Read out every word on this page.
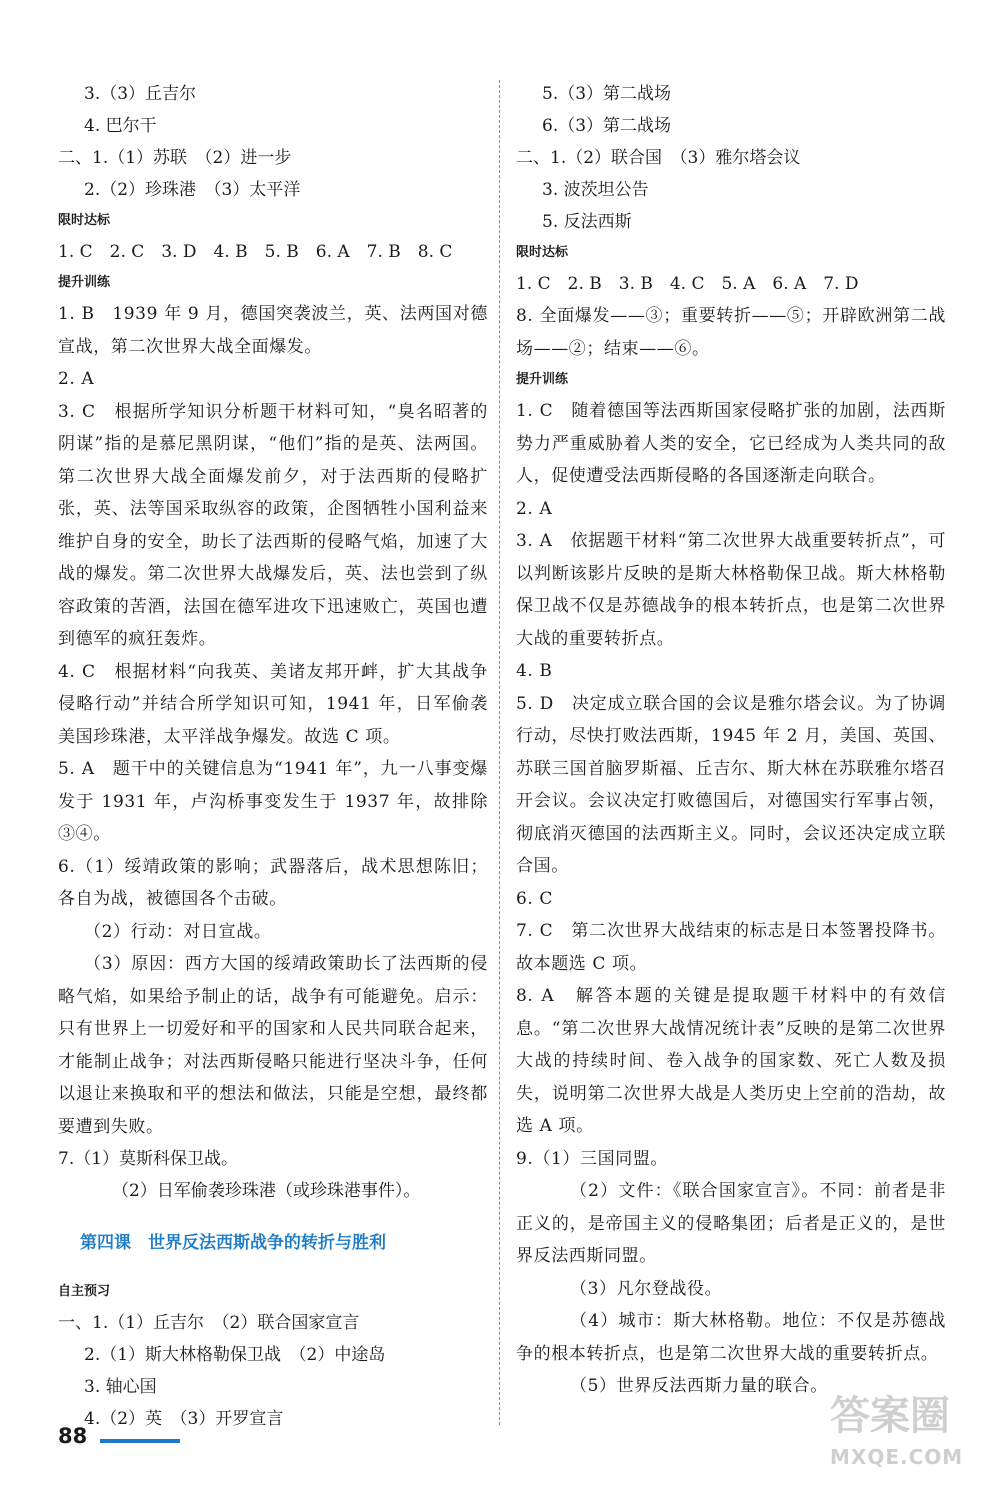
3.（3）丘吉尔
4. 巴尔干
二、1.（1）苏联　（2）进一步
2.（2）珍珠港　（3）太平洋
限时达标
1. C　2. C　3. D　4. B　5. B　6. A　7. B　8. C
提升训练
1. B　1939 年 9 月，德国突袭波兰，英、法两国对德宣战，第二次世界大战全面爆发。
2. A
3. C　根据所学知识分析题干材料可知，“臭名昭著的阴谋”指的是慕尼黑阴谋，“他们”指的是英、法两国。第二次世界大战全面爆发前夕，对于法西斯的侵略扩张，英、法等国采取纵容的政策，企图牺牲小国利益来维护自身的安全，助长了法西斯的侵略气焰，加速了大战的爆发。第二次世界大战爆发后，英、法也尝到了纵容政策的苦酒，法国在德军进攻下迅速败亡，英国也遭到德军的疯狂轰炸。
4. C　根据材料“向我英、美诸友邦开衅，扩大其战争侵略行动”并结合所学知识可知，1941 年，日军偷袭美国珍珠港，太平洋战争爆发。故选 C 项。
5. A　题干中的关键信息为“1941 年”，九一八事变爆发于 1931 年，卢沟桥事变发生于 1937 年，故排除③④。
6.（1）绥靖政策的影响；武器落后，战术思想陈旧；各自为战，被德国各个击破。
（2）行动：对日宣战。
（3）原因：西方大国的绥靖政策助长了法西斯的侵略气焰，如果给予制止的话，战争有可能避免。启示：只有世界上一切爱好和平的国家和人民共同联合起来，才能制止战争；对法西斯侵略只能进行坚决斗争，任何以退让来换取和平的想法和做法，只能是空想，最终都要遭到失败。
7.（1）莫斯科保卫战。
（2）日军偷袭珍珠港（或珍珠港事件）。
第四课　世界反法西斯战争的转折与胜利
自主预习
一、1.（1）丘吉尔　（2）联合国家宣言
2.（1）斯大林格勒保卫战　（2）中途岛
3. 轴心国
4.（2）英　（3）开罗宣言
5.（3）第二战场
6.（3）第二战场
二、1.（2）联合国　（3）雅尔塔会议
3. 波茨坦公告
5. 反法西斯
限时达标
1. C　2. B　3. B　4. C　5. A　6. A　7. D
8. 全面爆发——③；重要转折——⑤；开辟欧洲第二战场——②；结束——⑥。
提升训练
1. C　随着德国等法西斯国家侵略扩张的加剧，法西斯势力严重威胁着人类的安全，它已经成为人类共同的敌人，促使遭受法西斯侵略的各国逐渐走向联合。
2. A
3. A　依据题干材料“第二次世界大战重要转折点”，可以判断该影片反映的是斯大林格勒保卫战。斯大林格勒保卫战不仅是苏德战争的根本转折点，也是第二次世界大战的重要转折点。
4. B
5. D　决定成立联合国的会议是雅尔塔会议。为了协调行动，尽快打败法西斯，1945 年 2 月，美国、英国、苏联三国首脑罗斯福、丘吉尔、斯大林在苏联雅尔塔召开会议。会议决定打败德国后，对德国实行军事占领，彻底消灭德国的法西斯主义。同时，会议还决定成立联合国。
6. C
7. C　第二次世界大战结束的标志是日本签署投降书。故本题选 C 项。
8. A　解答本题的关键是提取题干材料中的有效信息。“第二次世界大战情况统计表”反映的是第二次世界大战的持续时间、卷入战争的国家数、死亡人数及损失，说明第二次世界大战是人类历史上空前的浩劫，故选 A 项。
9.（1）三国同盟。
（2）文件：《联合国家宣言》。不同：前者是非正义的，是帝国主义的侵略集团；后者是正义的，是世界反法西斯同盟。
（3）凡尔登战役。
（4）城市：斯大林格勒。地位：不仅是苏德战争的根本转折点，也是第二次世界大战的重要转折点。
（5）世界反法西斯力量的联合。
88	答案圈
MXQE.COM
